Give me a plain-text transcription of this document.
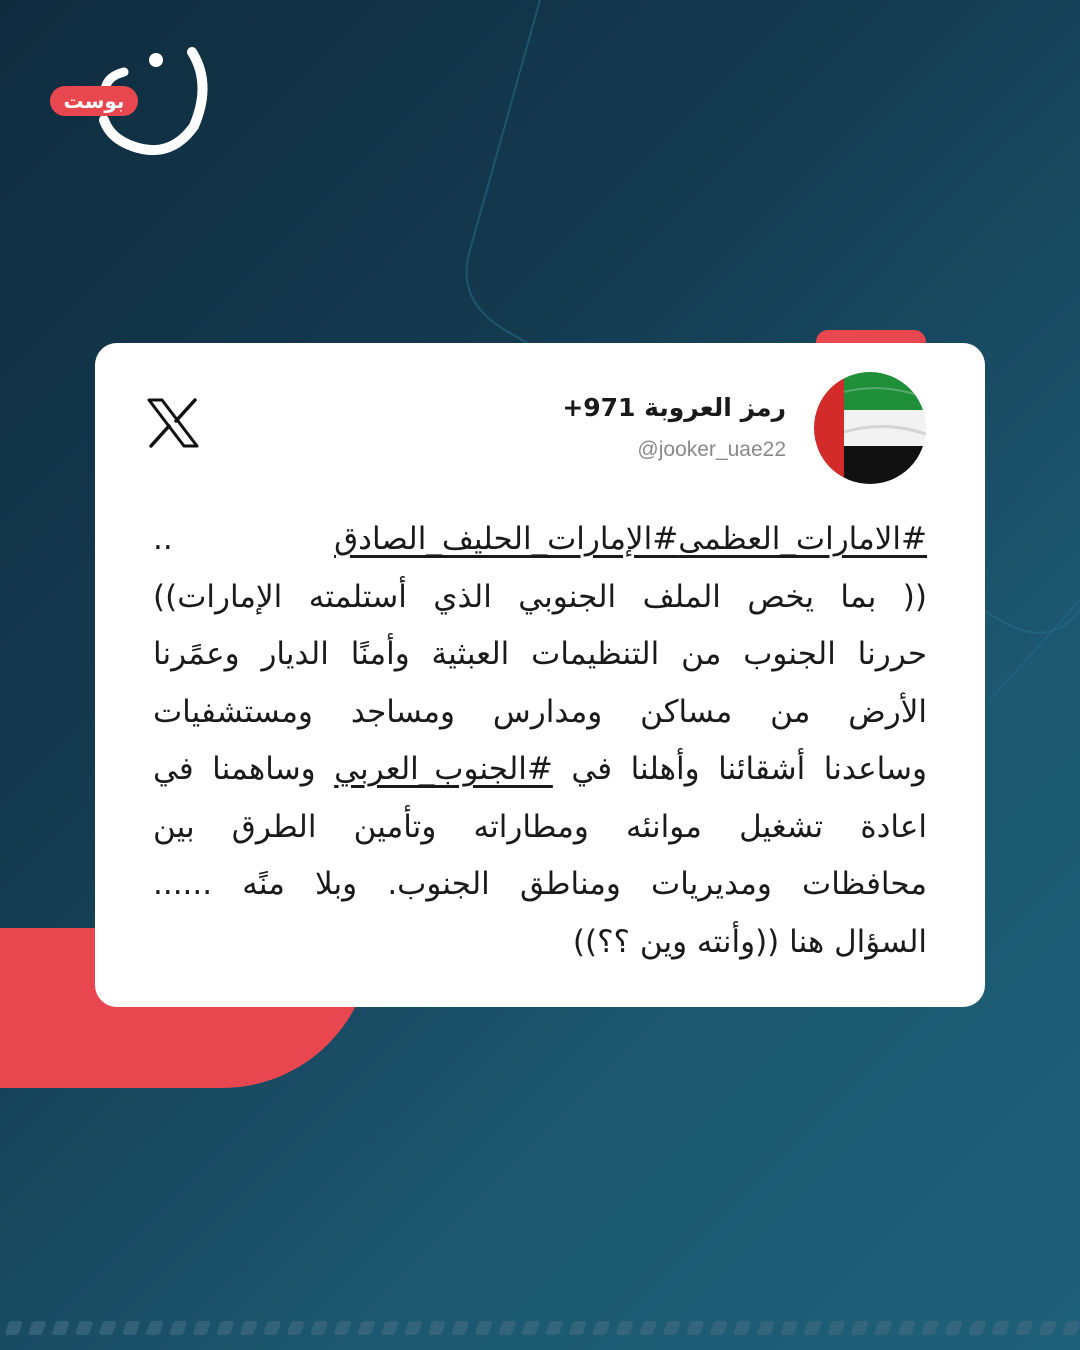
بوست
رمز العروبة 971+
@jooker_uae22
#الامارات_العظمى#الإمارات_الحليف_الصادق ..
(( بما يخص الملف الجنوبي الذي أستلمته الإمارات))
حررنا الجنوب من التنظيمات العبثية وأمنًا الديار وعمًرنا
الأرض من مساكن ومدارس ومساجد ومستشفيات
وساعدنا أشقائنا وأهلنا في #الجنوب_العربي وساهمنا في
اعادة تشغيل موانئه ومطاراته وتأمين الطرق بين
محافظات ومديريات ومناطق الجنوب. وبلا منًه ......
السؤال هنا ((وأنته وين ؟؟))
